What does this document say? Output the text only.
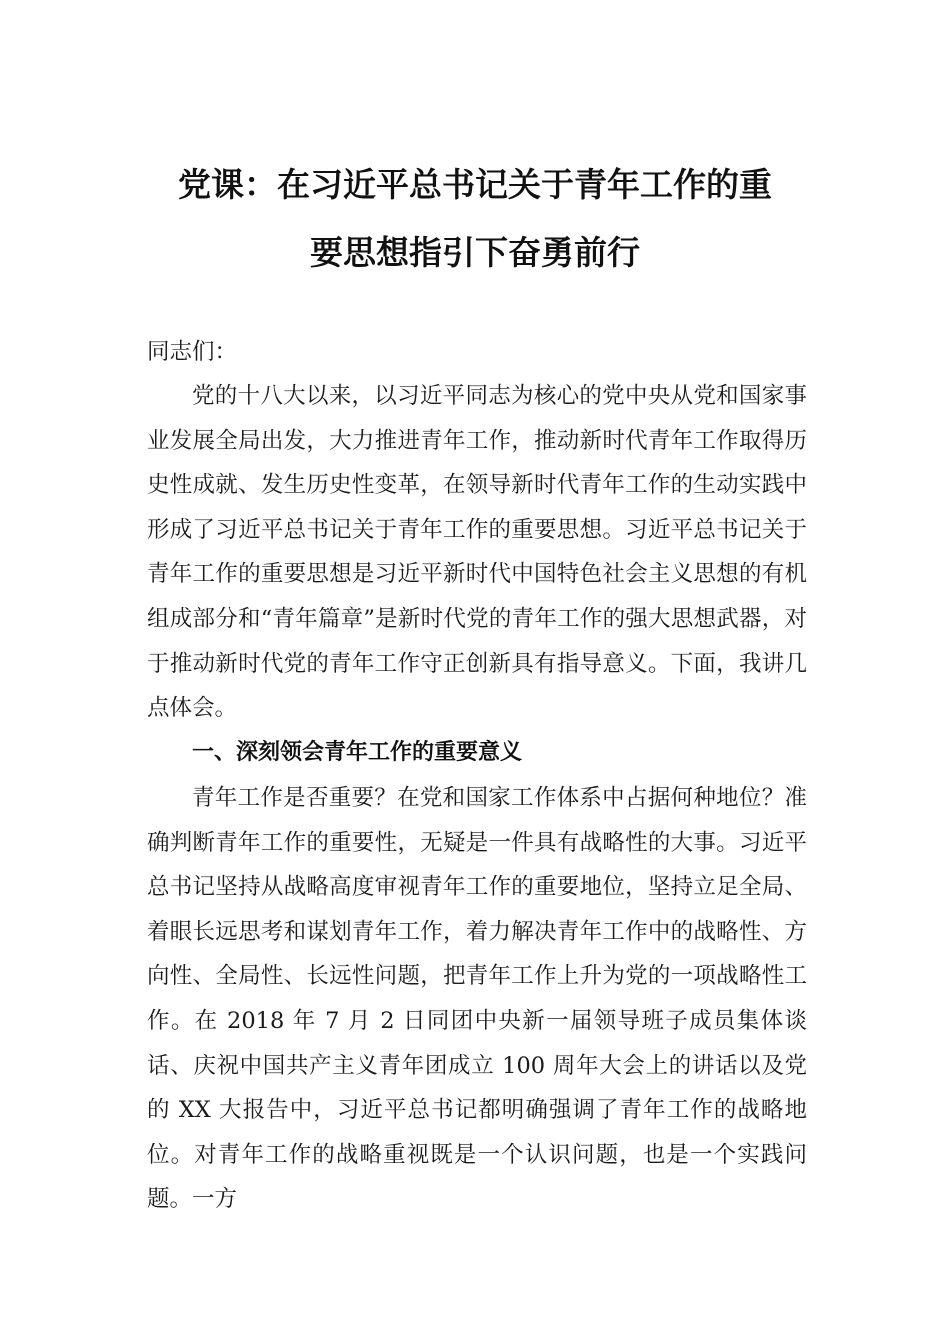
党课：在习近平总书记关于青年工作的重
要思想指引下奋勇前行
同志们：
党的十八大以来，以习近平同志为核心的党中央从党和国家事业发展全局出发，大力推进青年工作，推动新时代青年工作取得历史性成就、发生历史性变革，在领导新时代青年工作的生动实践中形成了习近平总书记关于青年工作的重要思想。习近平总书记关于青年工作的重要思想是习近平新时代中国特色社会主义思想的有机组成部分和“青年篇章”是新时代党的青年工作的强大思想武器，对于推动新时代党的青年工作守正创新具有指导意义。下面，我讲几点体会。
一、深刻领会青年工作的重要意义
青年工作是否重要？在党和国家工作体系中占据何种地位？准确判断青年工作的重要性，无疑是一件具有战略性的大事。习近平总书记坚持从战略高度审视青年工作的重要地位，坚持立足全局、着眼长远思考和谋划青年工作，着力解决青年工作中的战略性、方向性、全局性、长远性问题，把青年工作上升为党的一项战略性工作。在 2018 年 7 月 2 日同团中央新一届领导班子成员集体谈话、庆祝中国共产主义青年团成立 100 周年大会上的讲话以及党的 XX 大报告中，习近平总书记都明确强调了青年工作的战略地位。对青年工作的战略重视既是一个认识问题，也是一个实践问题。一方
